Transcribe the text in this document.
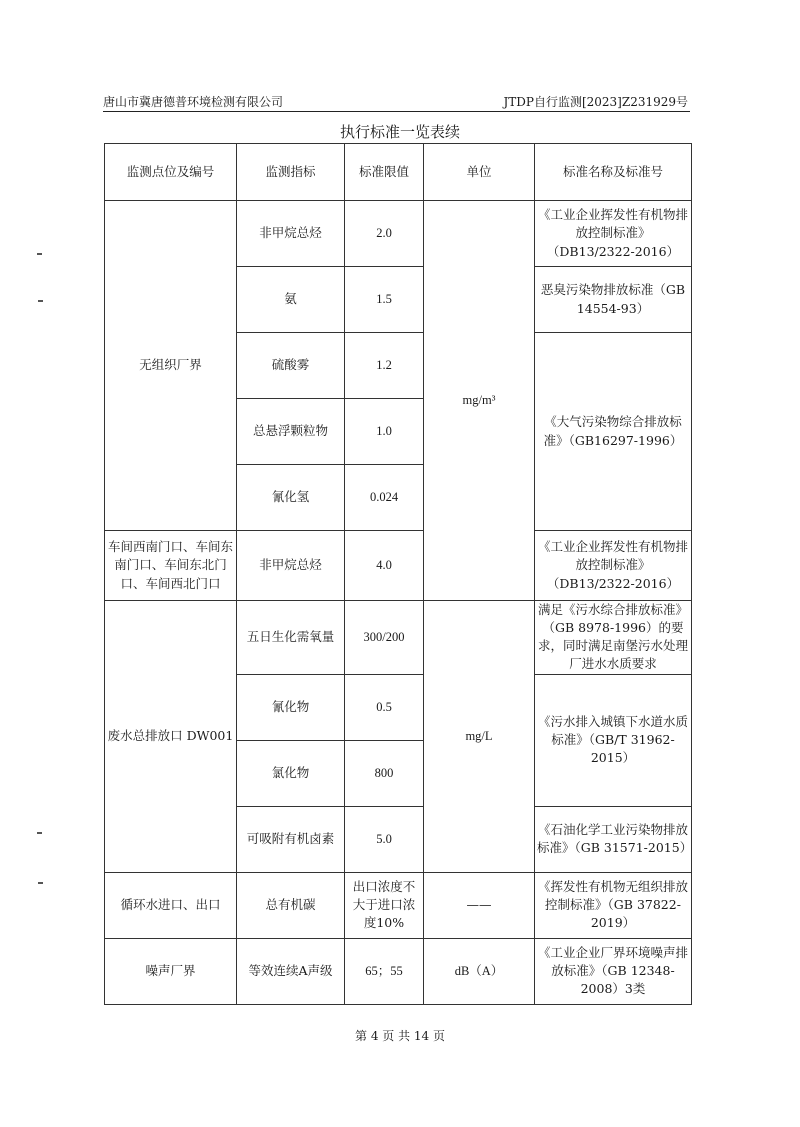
唐山市冀唐德普环境检测有限公司	JTDP自行监测[2023]Z231929号
执行标准一览表续
监测点位及编号	监测指标	标准限值	单位	标准名称及标准号
无组织厂界	非甲烷总烃	2.0	mg/m³	《工业企业挥发性有机物排放控制标准》（DB13/2322-2016）
	氨	1.5		恶臭污染物排放标准（GB 14554-93）
	硫酸雾	1.2		《大气污染物综合排放标准》（GB16297-1996）
	总悬浮颗粒物	1.0		
	氰化氢	0.024		
车间西南门口、车间东南门口、车间东北门口、车间西北门口	非甲烷总烃	4.0		《工业企业挥发性有机物排放控制标准》（DB13/2322-2016）
废水总排放口 DW001	五日生化需氧量	300/200	mg/L	满足《污水综合排放标准》（GB 8978-1996）的要求，同时满足南堡污水处理厂进水水质要求
	氰化物	0.5		《污水排入城镇下水道水质标准》（GB/T 31962-2015）
	氯化物	800		
	可吸附有机卤素	5.0		《石油化学工业污染物排放标准》（GB 31571-2015）
循环水进口、出口	总有机碳	出口浓度不大于进口浓度10%	——	《挥发性有机物无组织排放控制标准》（GB 37822-2019）
噪声厂界	等效连续A声级	65；55	dB（A）	《工业企业厂界环境噪声排放标准》（GB 12348-2008）3类
第 4 页 共 14 页
